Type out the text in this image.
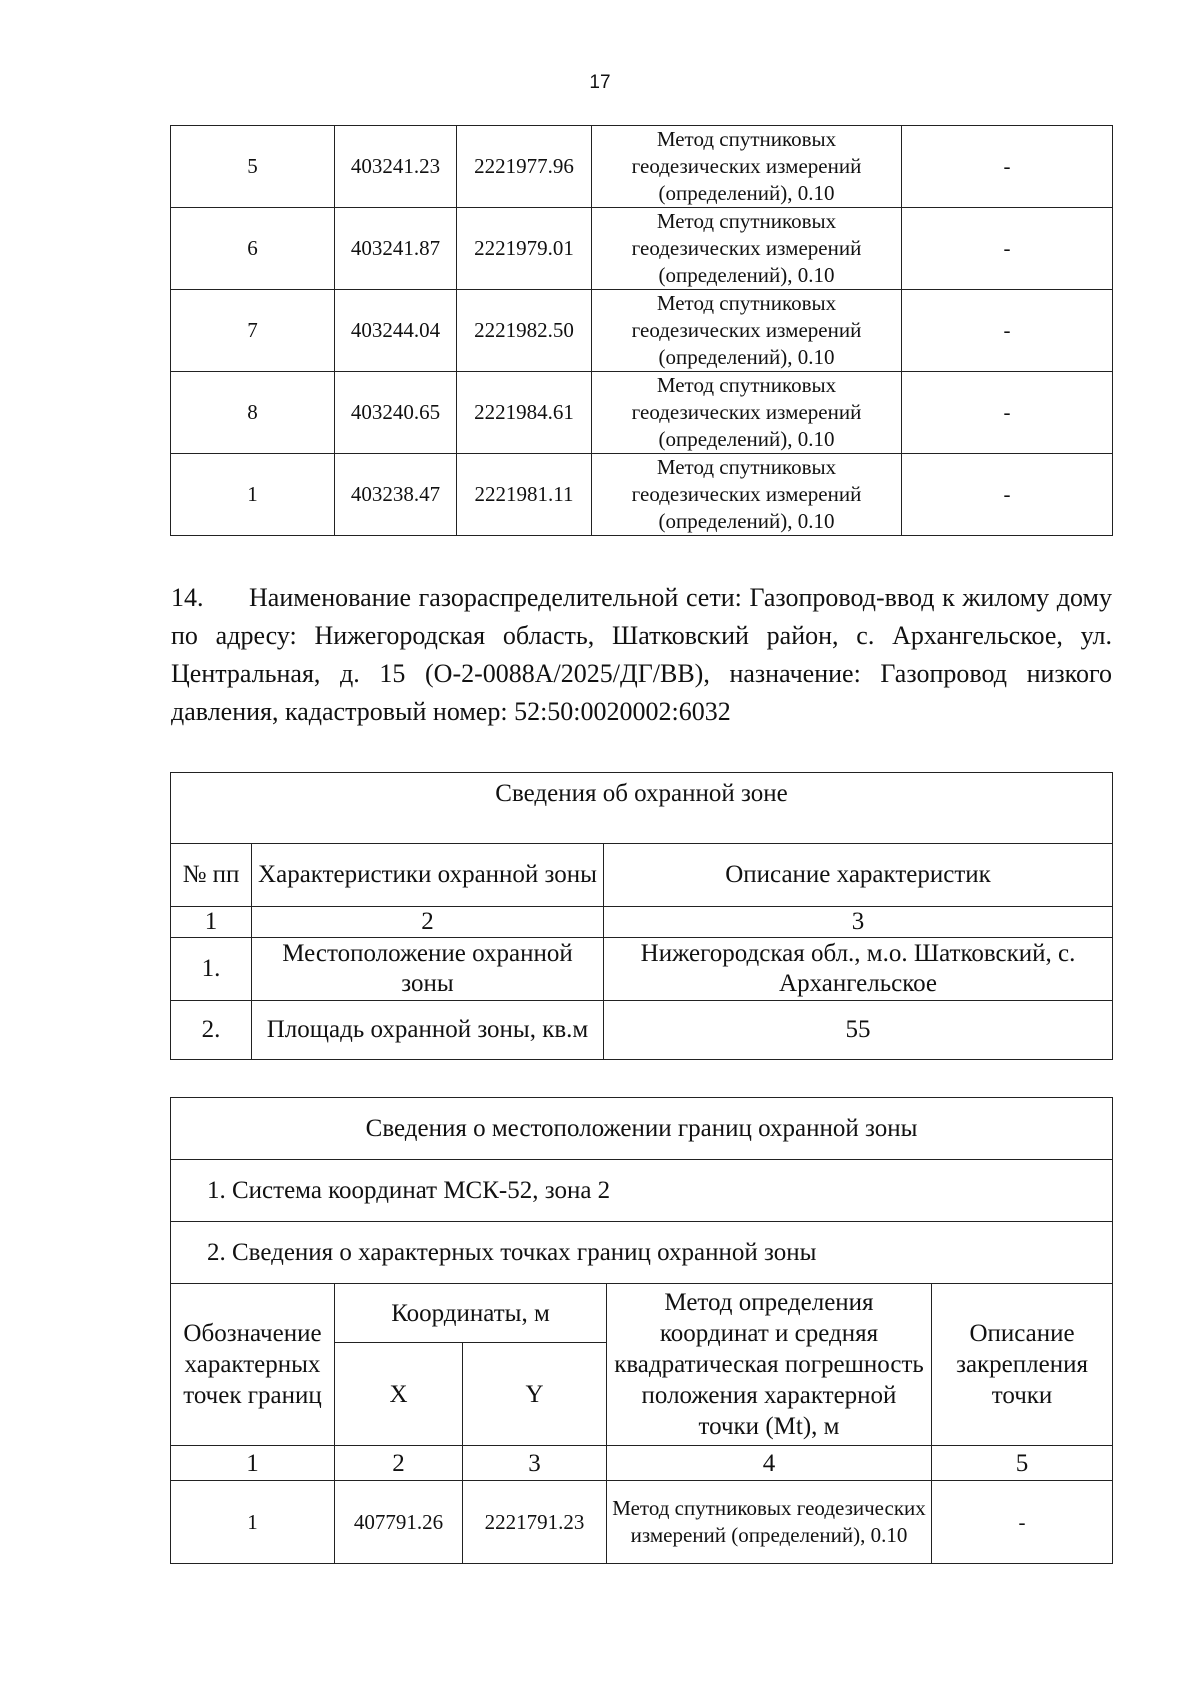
17
5	403241.23	2221977.96	Метод спутниковых геодезических измерений (определений), 0.10	-
6	403241.87	2221979.01	Метод спутниковых геодезических измерений (определений), 0.10	-
7	403244.04	2221982.50	Метод спутниковых геодезических измерений (определений), 0.10	-
8	403240.65	2221984.61	Метод спутниковых геодезических измерений (определений), 0.10	-
1	403238.47	2221981.11	Метод спутниковых геодезических измерений (определений), 0.10	-
14. Наименование газораспределительной сети: Газопровод-ввод к жилому дому по адресу: Нижегородская область, Шатковский район, с. Архангельское, ул. Центральная, д. 15 (О-2-0088А/2025/ДГ/ВВ), назначение: Газопровод низкого давления, кадастровый номер: 52:50:0020002:6032
Сведения об охранной зоне		
№ пп	Характеристики охранной зоны	Описание характеристик
1	2	3
1.	Местоположение охранной зоны	Нижегородская обл., м.о. Шатковский, с. Архангельское
2.	Площадь охранной зоны, кв.м	55
Сведения о местоположении границ охранной зоны				
1. Система координат МСК-52, зона 2				
2. Сведения о характерных точках границ охранной зоны				
Обозначение характерных точек границ	Координаты, м		Метод определения координат и средняя квадратическая погрешность положения характерной точки (Mt), м	Описание закрепления точки
	X	Y		
1	2	3	4	5
1	407791.26	2221791.23	Метод спутниковых геодезических измерений (определений), 0.10	-
